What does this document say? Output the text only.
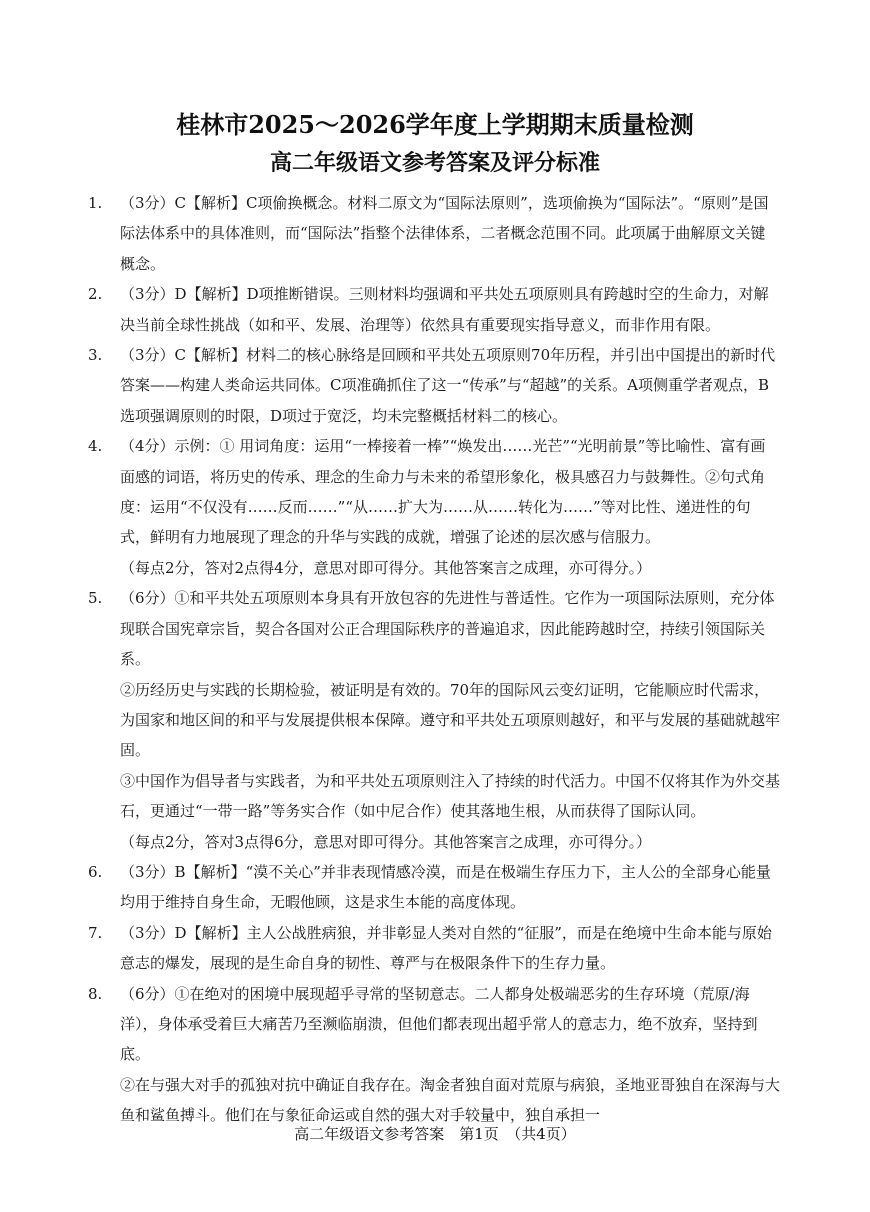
桂林市2025～2026学年度上学期期末质量检测
高二年级语文参考答案及评分标准
1. （3分）C【解析】C项偷换概念。材料二原文为“国际法原则”，选项偷换为“国际法”。“原则”是国际法体系中的具体准则，而“国际法”指整个法律体系，二者概念范围不同。此项属于曲解原文关键概念。

2. （3分）D【解析】D项推断错误。三则材料均强调和平共处五项原则具有跨越时空的生命力，对解决当前全球性挑战（如和平、发展、治理等）依然具有重要现实指导意义，而非作用有限。

3. （3分）C【解析】材料二的核心脉络是回顾和平共处五项原则70年历程，并引出中国提出的新时代答案——构建人类命运共同体。C项准确抓住了这一“传承”与“超越”的关系。A项侧重学者观点，B选项强调原则的时限，D项过于宽泛，均未完整概括材料二的核心。

4. （4分）示例：① 用词角度：运用“一棒接着一棒”“焕发出……光芒”“光明前景”等比喻性、富有画面感的词语，将历史的传承、理念的生命力与未来的希望形象化，极具感召力与鼓舞性。②句式角度：运用“不仅没有……反而……”“从……扩大为……从……转化为……”等对比性、递进性的句式，鲜明有力地展现了理念的升华与实践的成就，增强了论述的层次感与信服力。

（每点2分，答对2点得4分，意思对即可得分。其他答案言之成理，亦可得分。）

5. （6分）①和平共处五项原则本身具有开放包容的先进性与普适性。它作为一项国际法原则，充分体现联合国宪章宗旨，契合各国对公正合理国际秩序的普遍追求，因此能跨越时空，持续引领国际关系。

②历经历史与实践的长期检验，被证明是有效的。70年的国际风云变幻证明，它能顺应时代需求，为国家和地区间的和平与发展提供根本保障。遵守和平共处五项原则越好，和平与发展的基础就越牢固。

③中国作为倡导者与实践者，为和平共处五项原则注入了持续的时代活力。中国不仅将其作为外交基石，更通过“一带一路”等务实合作（如中尼合作）使其落地生根，从而获得了国际认同。

（每点2分，答对3点得6分，意思对即可得分。其他答案言之成理，亦可得分。）

6. （3分）B【解析】“漠不关心”并非表现情感冷漠，而是在极端生存压力下，主人公的全部身心能量均用于维持自身生命，无暇他顾，这是求生本能的高度体现。

7. （3分）D【解析】主人公战胜病狼，并非彰显人类对自然的“征服”，而是在绝境中生命本能与原始意志的爆发，展现的是生命自身的韧性、尊严与在极限条件下的生存力量。

8. （6分）①在绝对的困境中展现超乎寻常的坚韧意志。二人都身处极端恶劣的生存环境（荒原/海洋），身体承受着巨大痛苦乃至濒临崩溃，但他们都表现出超乎常人的意志力，绝不放弃，坚持到底。

②在与强大对手的孤独对抗中确证自我存在。淘金者独自面对荒原与病狼，圣地亚哥独自在深海与大鱼和鲨鱼搏斗。他们在与象征命运或自然的强大对手较量中，独自承担一

高二年级语文参考答案　第1页　（共4页）
